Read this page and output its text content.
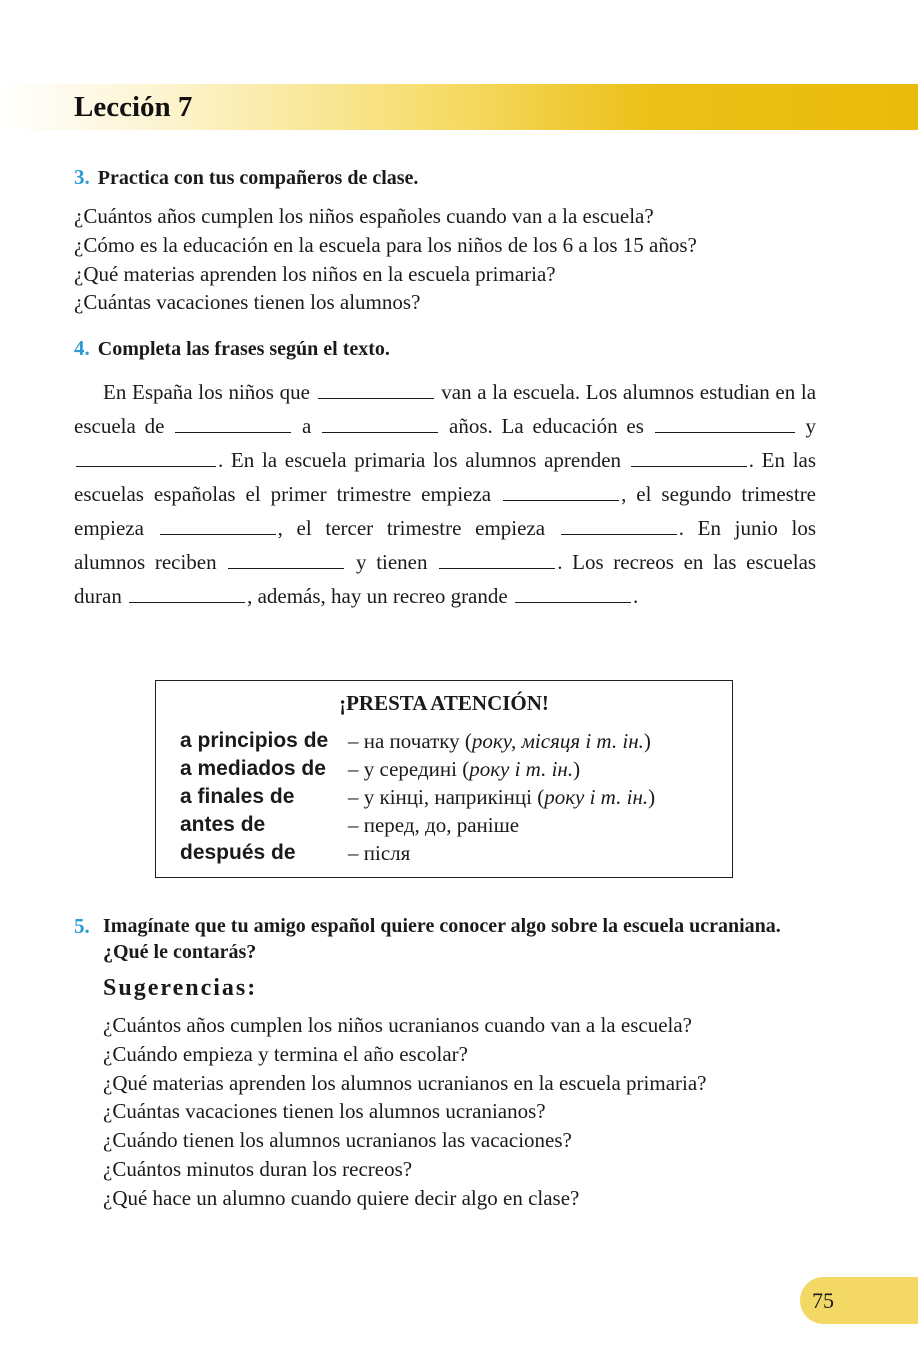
Lección 7
3. Practica con tus compañeros de clase.
¿Cuántos años cumplen los niños españoles cuando van a la escuela?
¿Cómo es la educación en la escuela para los niños de los 6 a los 15 años?
¿Qué materias aprenden los niños en la escuela primaria?
¿Cuántas vacaciones tienen los alumnos?
4. Completa las frases según el texto.

En España los niños que	van a la escuela. Los alumnos estudian en la escuela de	a	años. La educación es	y . En la escuela primaria los alumnos aprenden	. En las escuelas españolas el primer trimestre empieza	, el segundo trimestre empieza	, el tercer trimestre empieza	. En junio los alumnos reciben	y tienen	. Los recreos en las escuelas duran	, además, hay un recreo grande	.

¡PRESTA ATENCIÓN!
a principios de – на початку (року, місяця і т. ін.)
a mediados de – у середині (року і т. ін.)
a finales de	– у кінці, наприкінці (року і т. ін.)
antes de	– перед, до, раніше
después de – після
5. Imagínate que tu amigo español quiere conocer algo sobre la escuela ucraniana. ¿Qué le contarás?
Sugerencias:
¿Cuántos años cumplen los niños ucranianos cuando van a la escuela?
¿Cuándo empieza y termina el año escolar?
¿Qué materias aprenden los alumnos ucranianos en la escuela primaria?
¿Cuántas vacaciones tienen los alumnos ucranianos?
¿Cuándo tienen los alumnos ucranianos las vacaciones?
¿Cuántos minutos duran los recreos?
¿Qué hace un alumno cuando quiere decir algo en clase?
75
